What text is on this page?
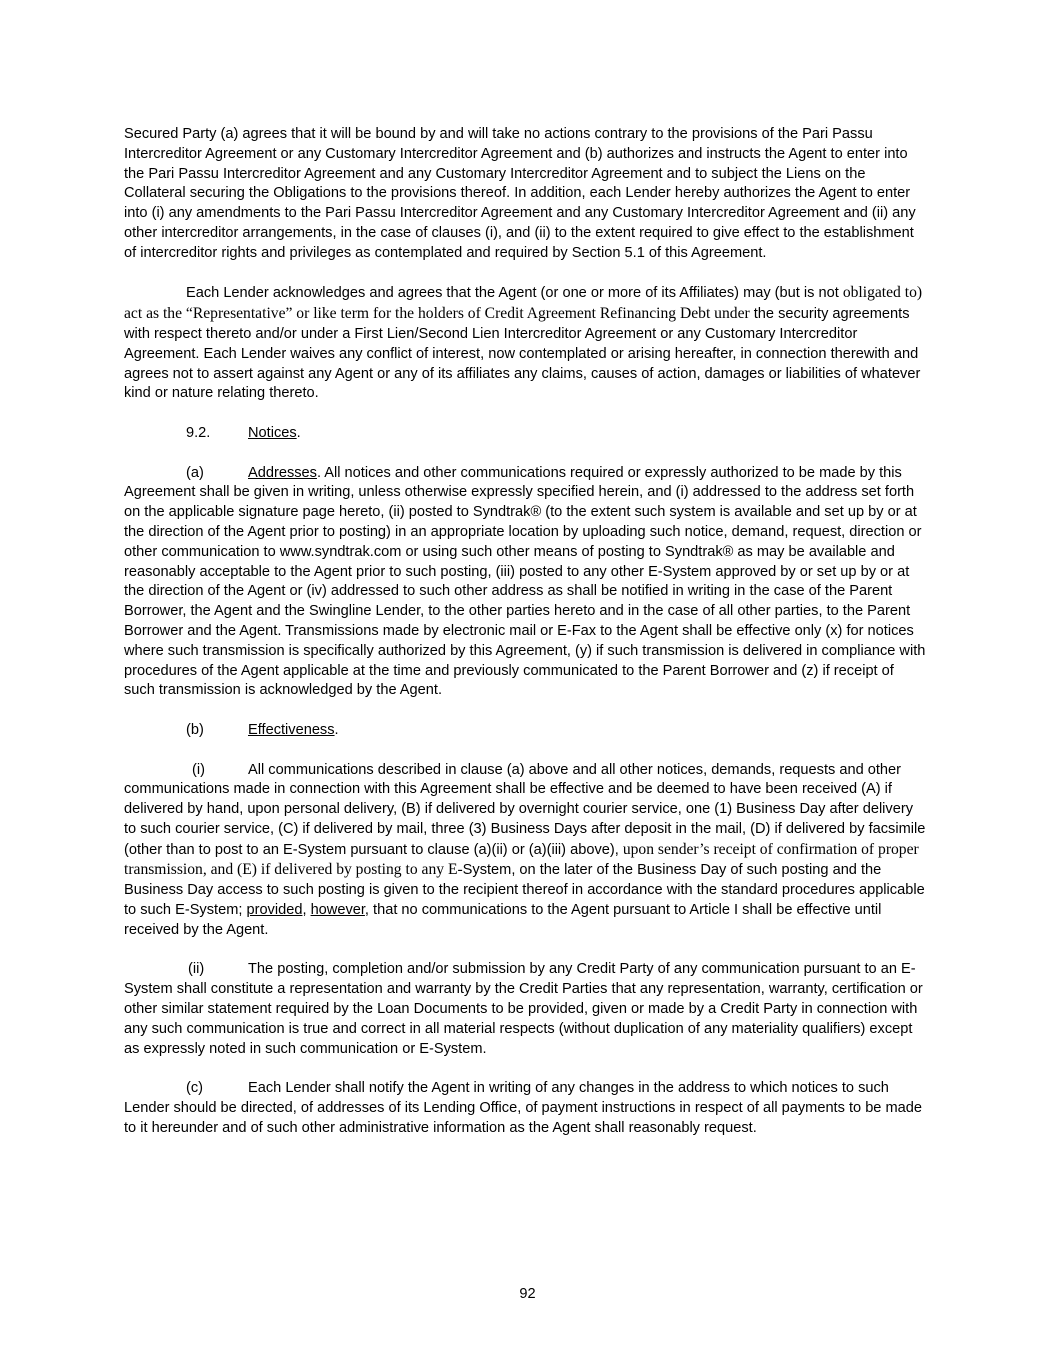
Secured Party (a) agrees that it will be bound by and will take no actions contrary to the provisions of the Pari Passu Intercreditor Agreement or any Customary Intercreditor Agreement and (b) authorizes and instructs the Agent to enter into the Pari Passu Intercreditor Agreement and any Customary Intercreditor Agreement and to subject the Liens on the Collateral securing the Obligations to the provisions thereof. In addition, each Lender hereby authorizes the Agent to enter into (i) any amendments to the Pari Passu Intercreditor Agreement and any Customary Intercreditor Agreement and (ii) any other intercreditor arrangements, in the case of clauses (i), and (ii) to the extent required to give effect to the establishment of intercreditor rights and privileges as contemplated and required by Section 5.1 of this Agreement.

Each Lender acknowledges and agrees that the Agent (or one or more of its Affiliates) may (but is not obligated to) act as the “Representative” or like term for the holders of Credit Agreement Refinancing Debt under the security agreements with respect thereto and/or under a First Lien/Second Lien Intercreditor Agreement or any Customary Intercreditor Agreement. Each Lender waives any conflict of interest, now contemplated or arising hereafter, in connection therewith and agrees not to assert against any Agent or any of its affiliates any claims, causes of action, damages or liabilities of whatever kind or nature relating thereto.

9.2.	Notices.

(a)	Addresses. All notices and other communications required or expressly authorized to be made by this Agreement shall be given in writing, unless otherwise expressly specified herein, and (i) addressed to the address set forth on the applicable signature page hereto, (ii) posted to Syndtrak® (to the extent such system is available and set up by or at the direction of the Agent prior to posting) in an appropriate location by uploading such notice, demand, request, direction or other communication to www.syndtrak.com or using such other means of posting to Syndtrak® as may be available and reasonably acceptable to the Agent prior to such posting, (iii) posted to any other E-System approved by or set up by or at the direction of the Agent or (iv) addressed to such other address as shall be notified in writing in the case of the Parent Borrower, the Agent and the Swingline Lender, to the other parties hereto and in the case of all other parties, to the Parent Borrower and the Agent. Transmissions made by electronic mail or E-Fax to the Agent shall be effective only (x) for notices where such transmission is specifically authorized by this Agreement, (y) if such transmission is delivered in compliance with procedures of the Agent applicable at the time and previously communicated to the Parent Borrower and (z) if receipt of such transmission is acknowledged by the Agent.

(b)	Effectiveness.

(i)	All communications described in clause (a) above and all other notices, demands, requests and other communications made in connection with this Agreement shall be effective and be deemed to have been received (A) if delivered by hand, upon personal delivery, (B) if delivered by overnight courier service, one (1) Business Day after delivery to such courier service, (C) if delivered by mail, three (3) Business Days after deposit in the mail, (D) if delivered by facsimile (other than to post to an E-System pursuant to clause (a)(ii) or (a)(iii) above), upon sender’s receipt of confirmation of proper transmission, and (E) if delivered by posting to any E-System, on the later of the Business Day of such posting and the Business Day access to such posting is given to the recipient thereof in accordance with the standard procedures applicable to such E-System; provided, however, that no communications to the Agent pursuant to Article I shall be effective until received by the Agent.

(ii)	The posting, completion and/or submission by any Credit Party of any communication pursuant to an E-System shall constitute a representation and warranty by the Credit Parties that any representation, warranty, certification or other similar statement required by the Loan Documents to be provided, given or made by a Credit Party in connection with any such communication is true and correct in all material respects (without duplication of any materiality qualifiers) except as expressly noted in such communication or E-System.

(c)	Each Lender shall notify the Agent in writing of any changes in the address to which notices to such Lender should be directed, of addresses of its Lending Office, of payment instructions in respect of all payments to be made to it hereunder and of such other administrative information as the Agent shall reasonably request.

92
